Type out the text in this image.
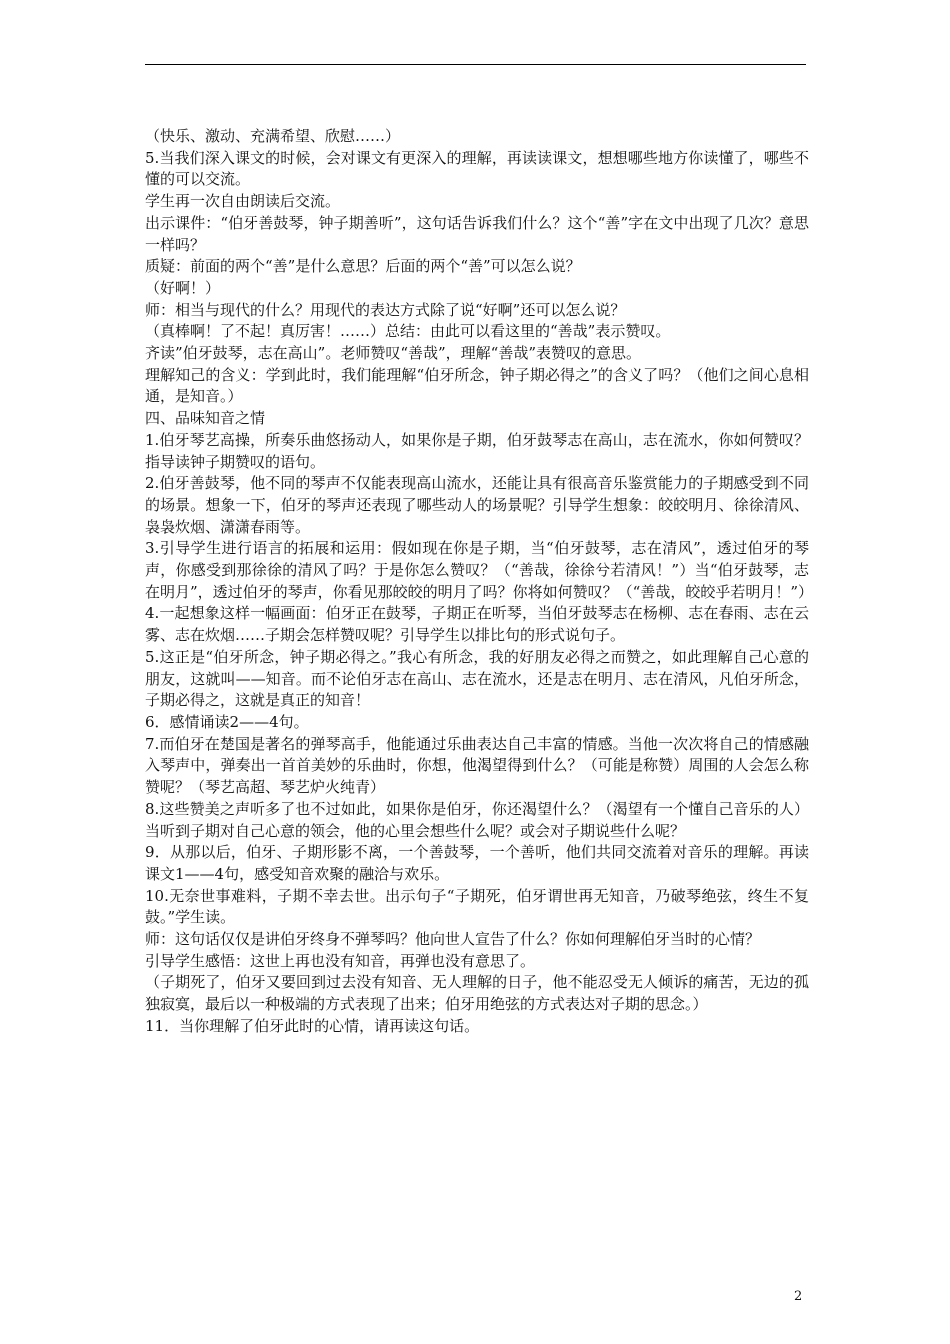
（快乐、激动、充满希望、欣慰……）

5.当我们深入课文的时候，会对课文有更深入的理解，再读读课文，想想哪些地方你读懂了，哪些不懂的可以交流。

学生再一次自由朗读后交流。

出示课件：“伯牙善鼓琴，钟子期善听”，这句话告诉我们什么？这个“善”字在文中出现了几次？意思一样吗？

质疑：前面的两个“善”是什么意思？后面的两个“善”可以怎么说？

（好啊！）

师：相当与现代的什么？用现代的表达方式除了说“好啊”还可以怎么说？

（真棒啊！了不起！真厉害！……）总结：由此可以看这里的“善哉”表示赞叹。

齐读”伯牙鼓琴，志在高山”。老师赞叹“善哉”，理解“善哉”表赞叹的意思。

理解知己的含义：学到此时，我们能理解“伯牙所念，钟子期必得之”的含义了吗？（他们之间心息相通，是知音。）

四、品味知音之情

1.伯牙琴艺高操，所奏乐曲悠扬动人，如果你是子期，伯牙鼓琴志在高山，志在流水，你如何赞叹？指导读钟子期赞叹的语句。

2.伯牙善鼓琴，他不同的琴声不仅能表现高山流水，还能让具有很高音乐鉴赏能力的子期感受到不同的场景。想象一下，伯牙的琴声还表现了哪些动人的场景呢？引导学生想象：皎皎明月、徐徐清风、袅袅炊烟、潇潇春雨等。

3.引导学生进行语言的拓展和运用：假如现在你是子期，当“伯牙鼓琴，志在清风”，透过伯牙的琴声，你感受到那徐徐的清风了吗？于是你怎么赞叹？（“善哉，徐徐兮若清风！”）当“伯牙鼓琴，志在明月”，透过伯牙的琴声，你看见那皎皎的明月了吗？你将如何赞叹？（“善哉，皎皎乎若明月！”）

4.一起想象这样一幅画面：伯牙正在鼓琴，子期正在听琴，当伯牙鼓琴志在杨柳、志在春雨、志在云雾、志在炊烟……子期会怎样赞叹呢？引导学生以排比句的形式说句子。

5.这正是“伯牙所念，钟子期必得之。”我心有所念，我的好朋友必得之而赞之，如此理解自己心意的朋友，这就叫——知音。而不论伯牙志在高山、志在流水，还是志在明月、志在清风，凡伯牙所念，子期必得之，这就是真正的知音！

6．感情诵读2——4句。

7.而伯牙在楚国是著名的弹琴高手，他能通过乐曲表达自己丰富的情感。当他一次次将自己的情感融入琴声中，弹奏出一首首美妙的乐曲时，你想，他渴望得到什么？（可能是称赞）周围的人会怎么称赞呢？（琴艺高超、琴艺炉火纯青）

8.这些赞美之声听多了也不过如此，如果你是伯牙，你还渴望什么？（渴望有一个懂自己音乐的人）当听到子期对自己心意的领会，他的心里会想些什么呢？或会对子期说些什么呢？

9．从那以后，伯牙、子期形影不离，一个善鼓琴，一个善听，他们共同交流着对音乐的理解。再读课文1——4句，感受知音欢聚的融洽与欢乐。

10.无奈世事难料，子期不幸去世。出示句子“子期死，伯牙谓世再无知音，乃破琴绝弦，终生不复鼓。”学生读。

师：这句话仅仅是讲伯牙终身不弹琴吗？他向世人宣告了什么？你如何理解伯牙当时的心情？

引导学生感悟：这世上再也没有知音，再弹也没有意思了。

（子期死了，伯牙又要回到过去没有知音、无人理解的日子，他不能忍受无人倾诉的痛苦，无边的孤独寂寞，最后以一种极端的方式表现了出来；伯牙用绝弦的方式表达对子期的思念。）

11．当你理解了伯牙此时的心情，请再读这句话。

2
